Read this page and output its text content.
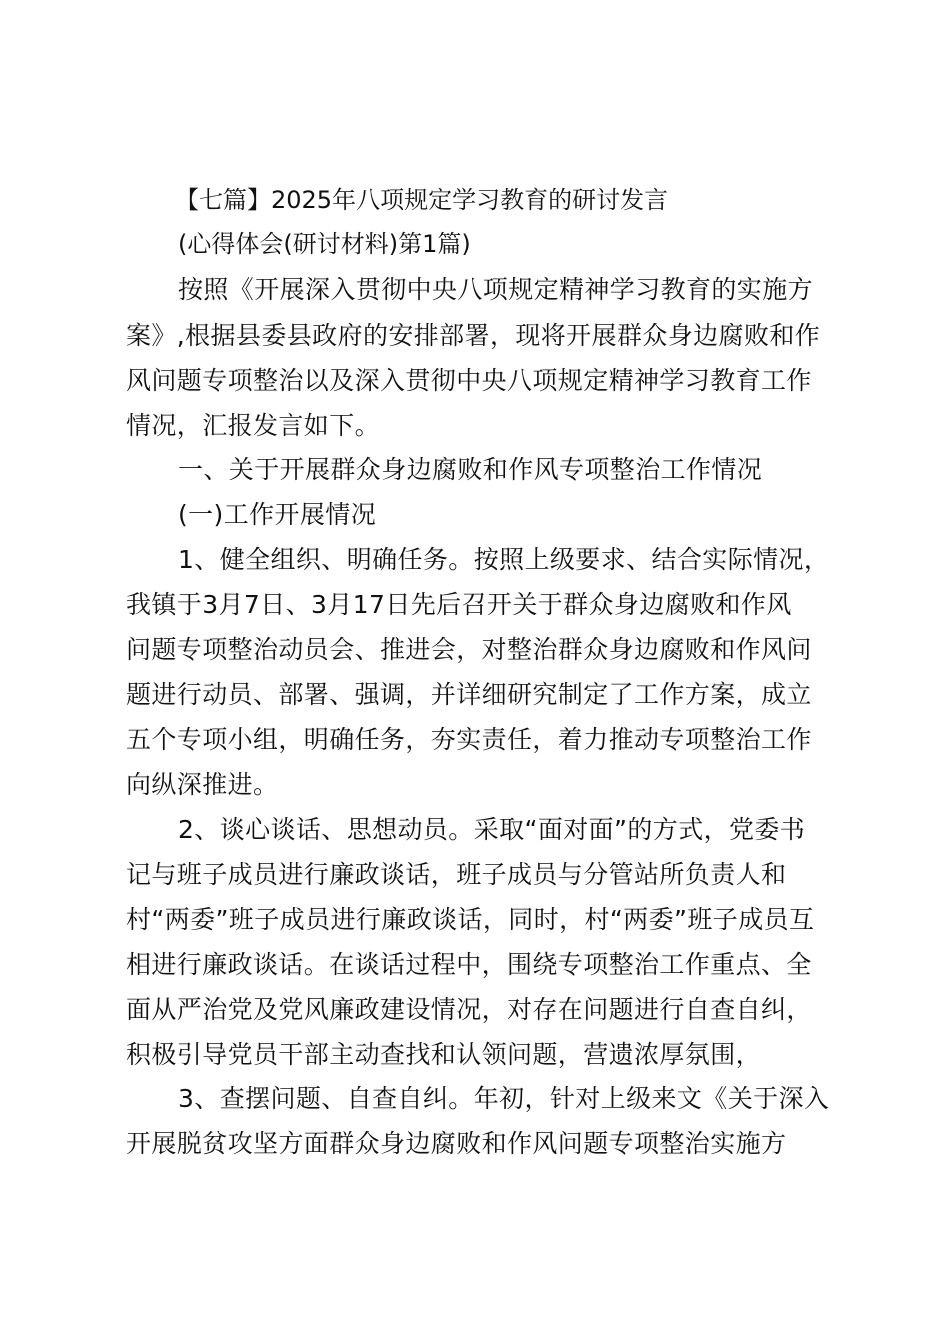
【七篇】2025年八项规定学习教育的研讨发言
(心得体会(研讨材料)第1篇)
按照《开展深入贯彻中央八项规定精神学习教育的实施方
案》,根据县委县政府的安排部署，现将开展群众身边腐败和作
风问题专项整治以及深入贯彻中央八项规定精神学习教育工作
情况，汇报发言如下。
一、关于开展群众身边腐败和作风专项整治工作情况
(一)工作开展情况
1、健全组织、明确任务。按照上级要求、结合实际情况，
我镇于3月7日、3月17日先后召开关于群众身边腐败和作风
问题专项整治动员会、推进会，对整治群众身边腐败和作风问
题进行动员、部署、强调，并详细研究制定了工作方案，成立
五个专项小组，明确任务，夯实责任，着力推动专项整治工作
向纵深推进。
2、谈心谈话、思想动员。采取“面对面”的方式，党委书
记与班子成员进行廉政谈话，班子成员与分管站所负责人和
村“两委”班子成员进行廉政谈话，同时，村“两委”班子成员互
相进行廉政谈话。在谈话过程中，围绕专项整治工作重点、全
面从严治党及党风廉政建设情况，对存在问题进行自查自纠，
积极引导党员干部主动查找和认领问题，营遗浓厚氛围，
3、查摆问题、自查自纠。年初，针对上级来文《关于深入
开展脱贫攻坚方面群众身边腐败和作风问题专项整治实施方
